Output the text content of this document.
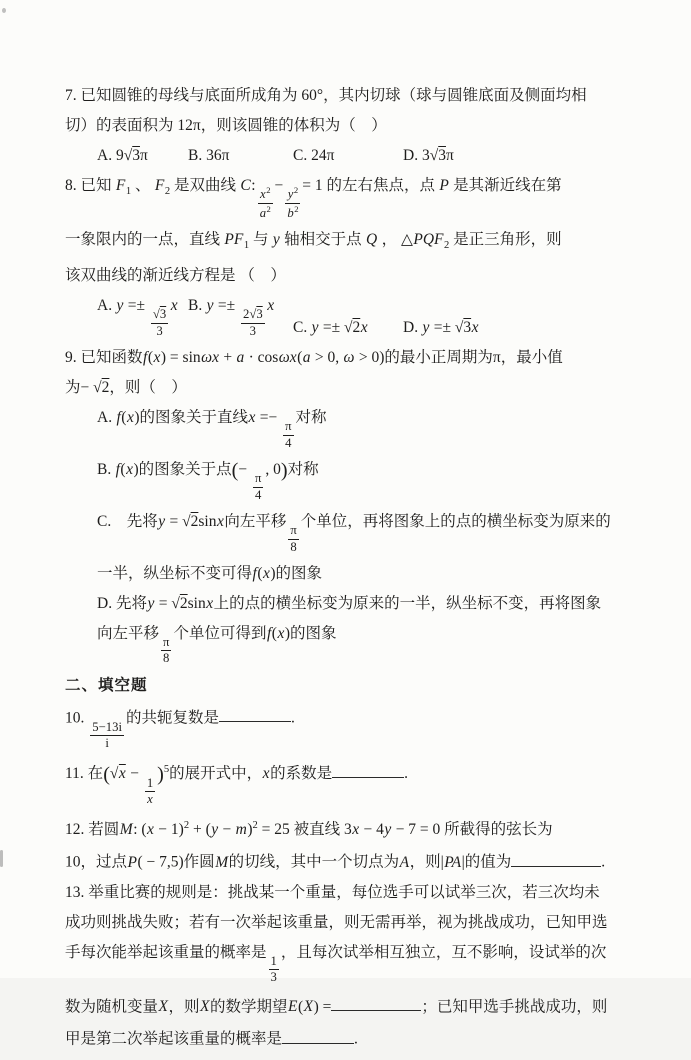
7. 已知圆锥的母线与底面所成角为 60°，其内切球（球与圆锥底面及侧面均相
切）的表面积为 12π，则该圆锥的体积为（　）
A. 9√3π	B. 36π	C. 24π	D. 3√3π
8. 已知 $F_1$ 、 $F_2$ 是双曲线 C:
$\frac{x^2}{a^2}$
−
$\frac{y^2}{b^2}$
= 1 的左右焦点，点 P 是其渐近线在第
一象限内的一点，直线 $PF_1$ 与 y 轴相交于点 Q ， $\triangle PQF_2$ 是正三角形，则
该双曲线的渐近线方程是 （　）
A. y =±
$\frac{√3}{3}$
x B. y =±
$\frac{2√3}{3}$
x
C. y =± √2x	D. y =± √3x
9. 已知函数f(x) = sinωx + a · cosωx(a > 0, ω > 0)的最小正周期为π，最小值
为− √2，则（　）
A. f(x)的图象关于直线x =−
$\frac{\pi}{4}$
对称
B. f(x)的图象关于点(−
$\frac{\pi}{4}$
, 0)对称
C.　先将y = √2sinx向左平移
$\frac{\pi}{8}$
个单位，再将图象上的点的横坐标变为原来的
一半，纵坐标不变可得f(x)的图象
D. 先将y = √2sinx上的点的横坐标变为原来的一半，纵坐标不变，再将图象
向左平移
$\frac{\pi}{8}$
个单位可得到f(x)的图象
二、填空题
10.
$\frac{5-13i}{i}$
的共轭复数是	.
11. 在(√x −
$\frac{1}{x}$
)$^5$的展开式中，x的系数是	.
12. 若圆M: $(x - 1)^2 + (y - m)^2 = 25$ 被直线 3x − 4y − 7 = 0 所截得的弦长为
10，过点P( − 7,5)作圆M的切线，其中一个切点为A，则|PA|的值为	.
13. 举重比赛的规则是：挑战某一个重量，每位选手可以试举三次，若三次均未
成功则挑战失败；若有一次举起该重量，则无需再举，视为挑战成功，已知甲选
手每次能举起该重量的概率是
$\frac{1}{3}$
，且每次试举相互独立，互不影响，设试举的次
数为随机变量X，则X的数学期望E(X) =	；已知甲选手挑战成功，则
甲是第二次举起该重量的概率是	.
